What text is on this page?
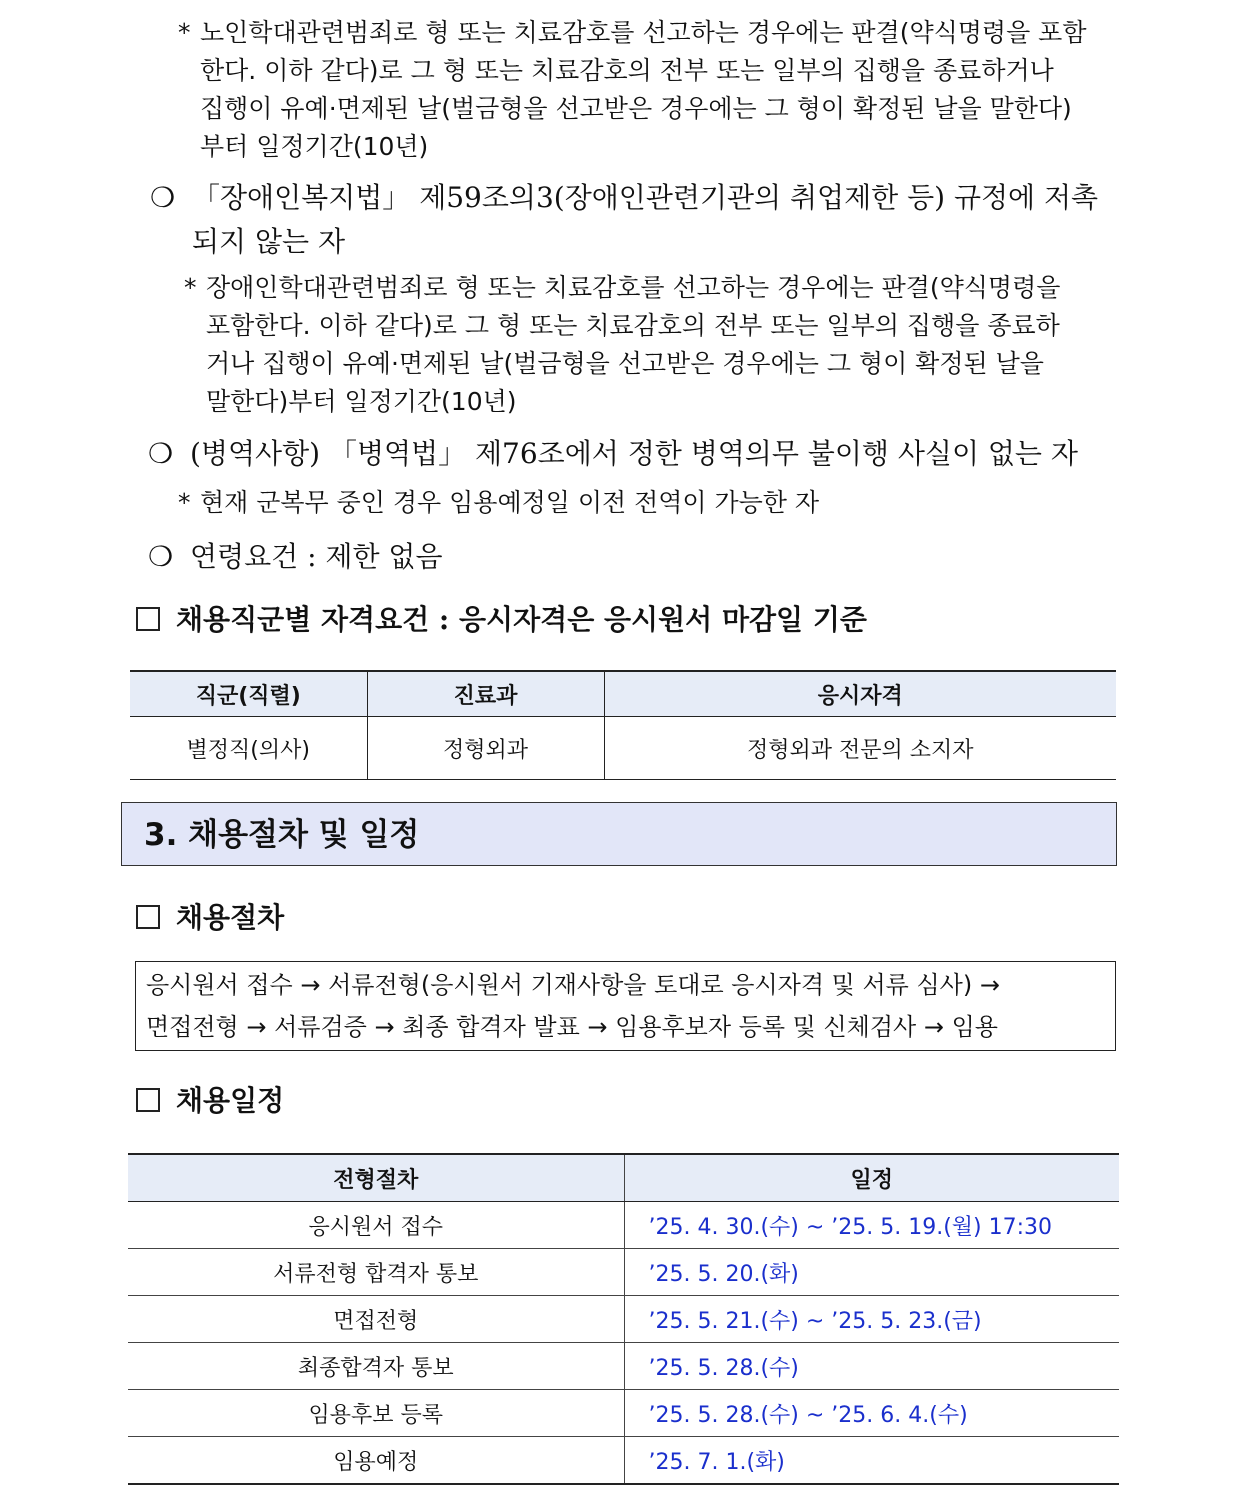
* 노인학대관련범죄로 형 또는 치료감호를 선고하는 경우에는 판결(약식명령을 포함
한다. 이하 같다)로 그 형 또는 치료감호의 전부 또는 일부의 집행을 종료하거나
집행이 유예·면제된 날(벌금형을 선고받은 경우에는 그 형이 확정된 날을 말한다)
부터 일정기간(10년)
❍ 「장애인복지법」 제59조의3(장애인관련기관의 취업제한 등) 규정에 저촉
되지 않는 자
* 장애인학대관련범죄로 형 또는 치료감호를 선고하는 경우에는 판결(약식명령을
포함한다. 이하 같다)로 그 형 또는 치료감호의 전부 또는 일부의 집행을 종료하
거나 집행이 유예·면제된 날(벌금형을 선고받은 경우에는 그 형이 확정된 날을
말한다)부터 일정기간(10년)
❍ (병역사항) 「병역법」 제76조에서 정한 병역의무 불이행 사실이 없는 자
* 현재 군복무 중인 경우 임용예정일 이전 전역이 가능한 자
❍ 연령요건 : 제한 없음
채용직군별 자격요건 : 응시자격은 응시원서 마감일 기준
직군(직렬)	진료과	응시자격
별정직(의사)	정형외과	정형외과 전문의 소지자
3. 채용절차 및 일정
채용절차
응시원서 접수 → 서류전형(응시원서 기재사항을 토대로 응시자격 및 서류 심사) →
면접전형 → 서류검증 → 최종 합격자 발표 → 임용후보자 등록 및 신체검사 → 임용
채용일정
전형절차	일정
응시원서 접수	’25. 4. 30.(수) ~ ’25. 5. 19.(월) 17:30
서류전형 합격자 통보	’25. 5. 20.(화)
면접전형	’25. 5. 21.(수) ~ ’25. 5. 23.(금)
최종합격자 통보	’25. 5. 28.(수)
임용후보 등록	’25. 5. 28.(수) ~ ’25. 6. 4.(수)
임용예정	’25. 7. 1.(화)
